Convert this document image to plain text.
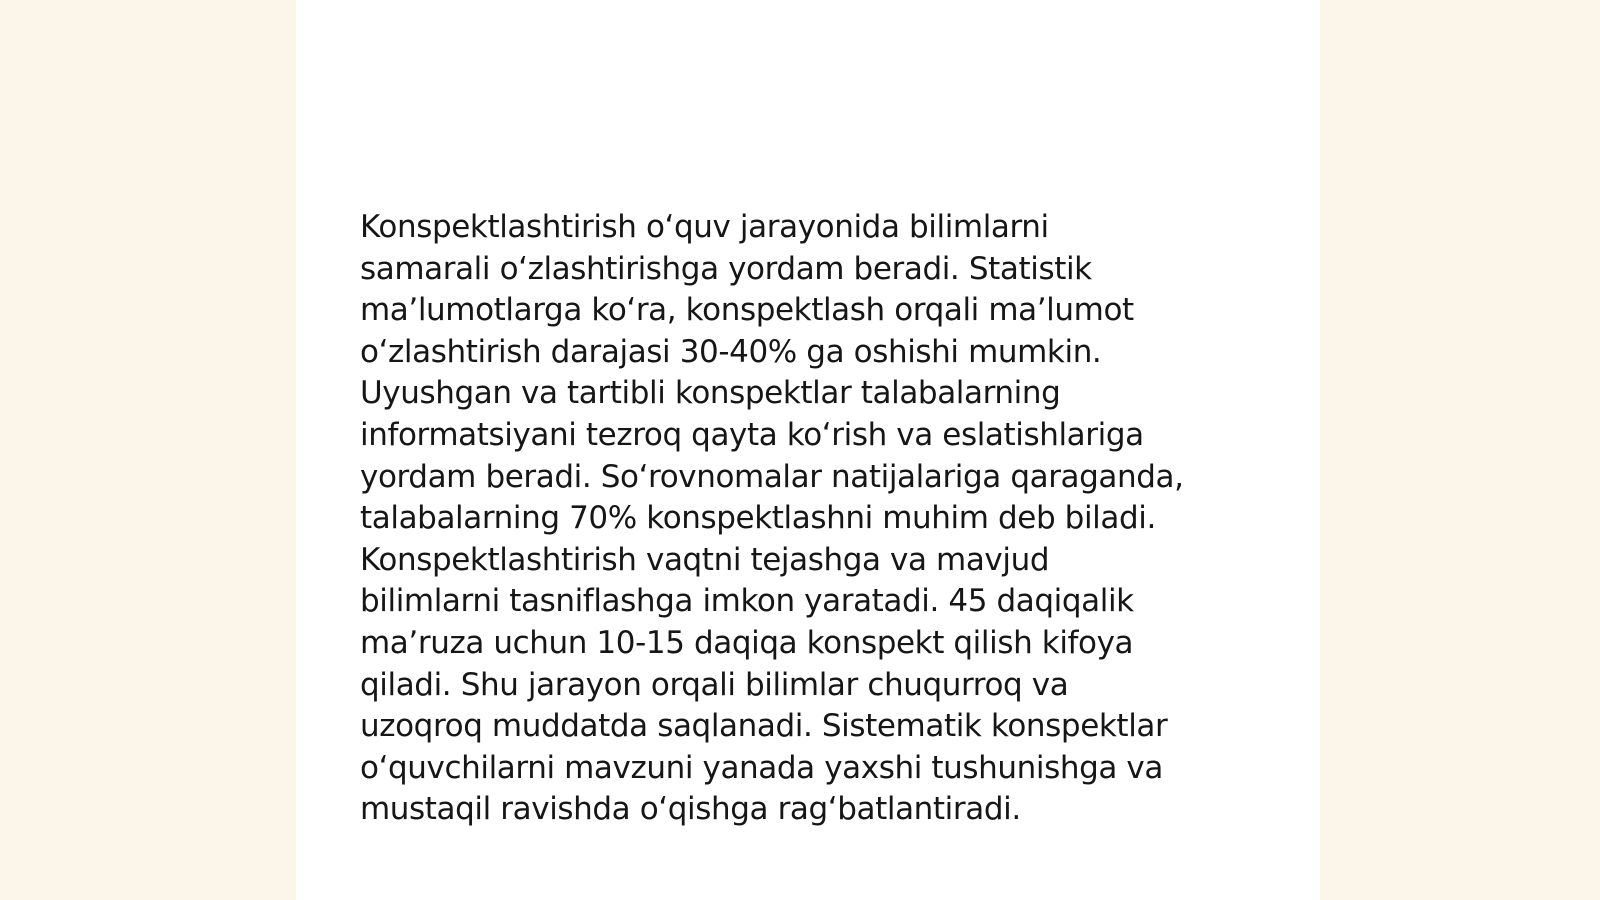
Konspektlashtirish oʻquv jarayonida bilimlarni
samarali oʻzlashtirishga yordam beradi. Statistik
maʼlumotlarga koʻra, konspektlash orqali maʼlumot
oʻzlashtirish darajasi 30-40% ga oshishi mumkin.
Uyushgan va tartibli konspektlar talabalarning
informatsiyani tezroq qayta koʻrish va eslatishlariga
yordam beradi. Soʻrovnomalar natijalariga qaraganda,
talabalarning 70% konspektlashni muhim deb biladi.
Konspektlashtirish vaqtni tejashga va mavjud
bilimlarni tasniflashga imkon yaratadi. 45 daqiqalik
maʼruza uchun 10-15 daqiqa konspekt qilish kifoya
qiladi. Shu jarayon orqali bilimlar chuqurroq va
uzoqroq muddatda saqlanadi. Sistematik konspektlar
oʻquvchilarni mavzuni yanada yaxshi tushunishga va
mustaqil ravishda oʻqishga ragʻbatlantiradi.
